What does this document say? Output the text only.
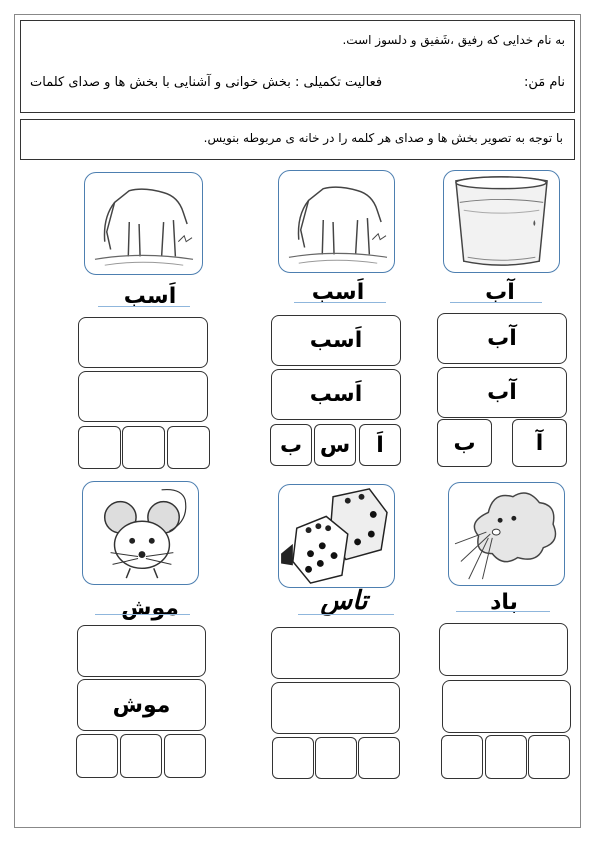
به نام خدایی که رفیق ،شَفیق و دلسوز است.
نام مَن:
فعالیت تکمیلی : بخش خوانی و آشنایی با بخش ها و صدای کلمات
با توجه به تصویر بخش ها و صدای هر کلمه را در خانه ی مربوطه بنویس.
آب
آب
آب
آ
ب
اَسب
اَسب
اَسب
اَ
س
ب
اَسب
باد
تاس
موش
موش
